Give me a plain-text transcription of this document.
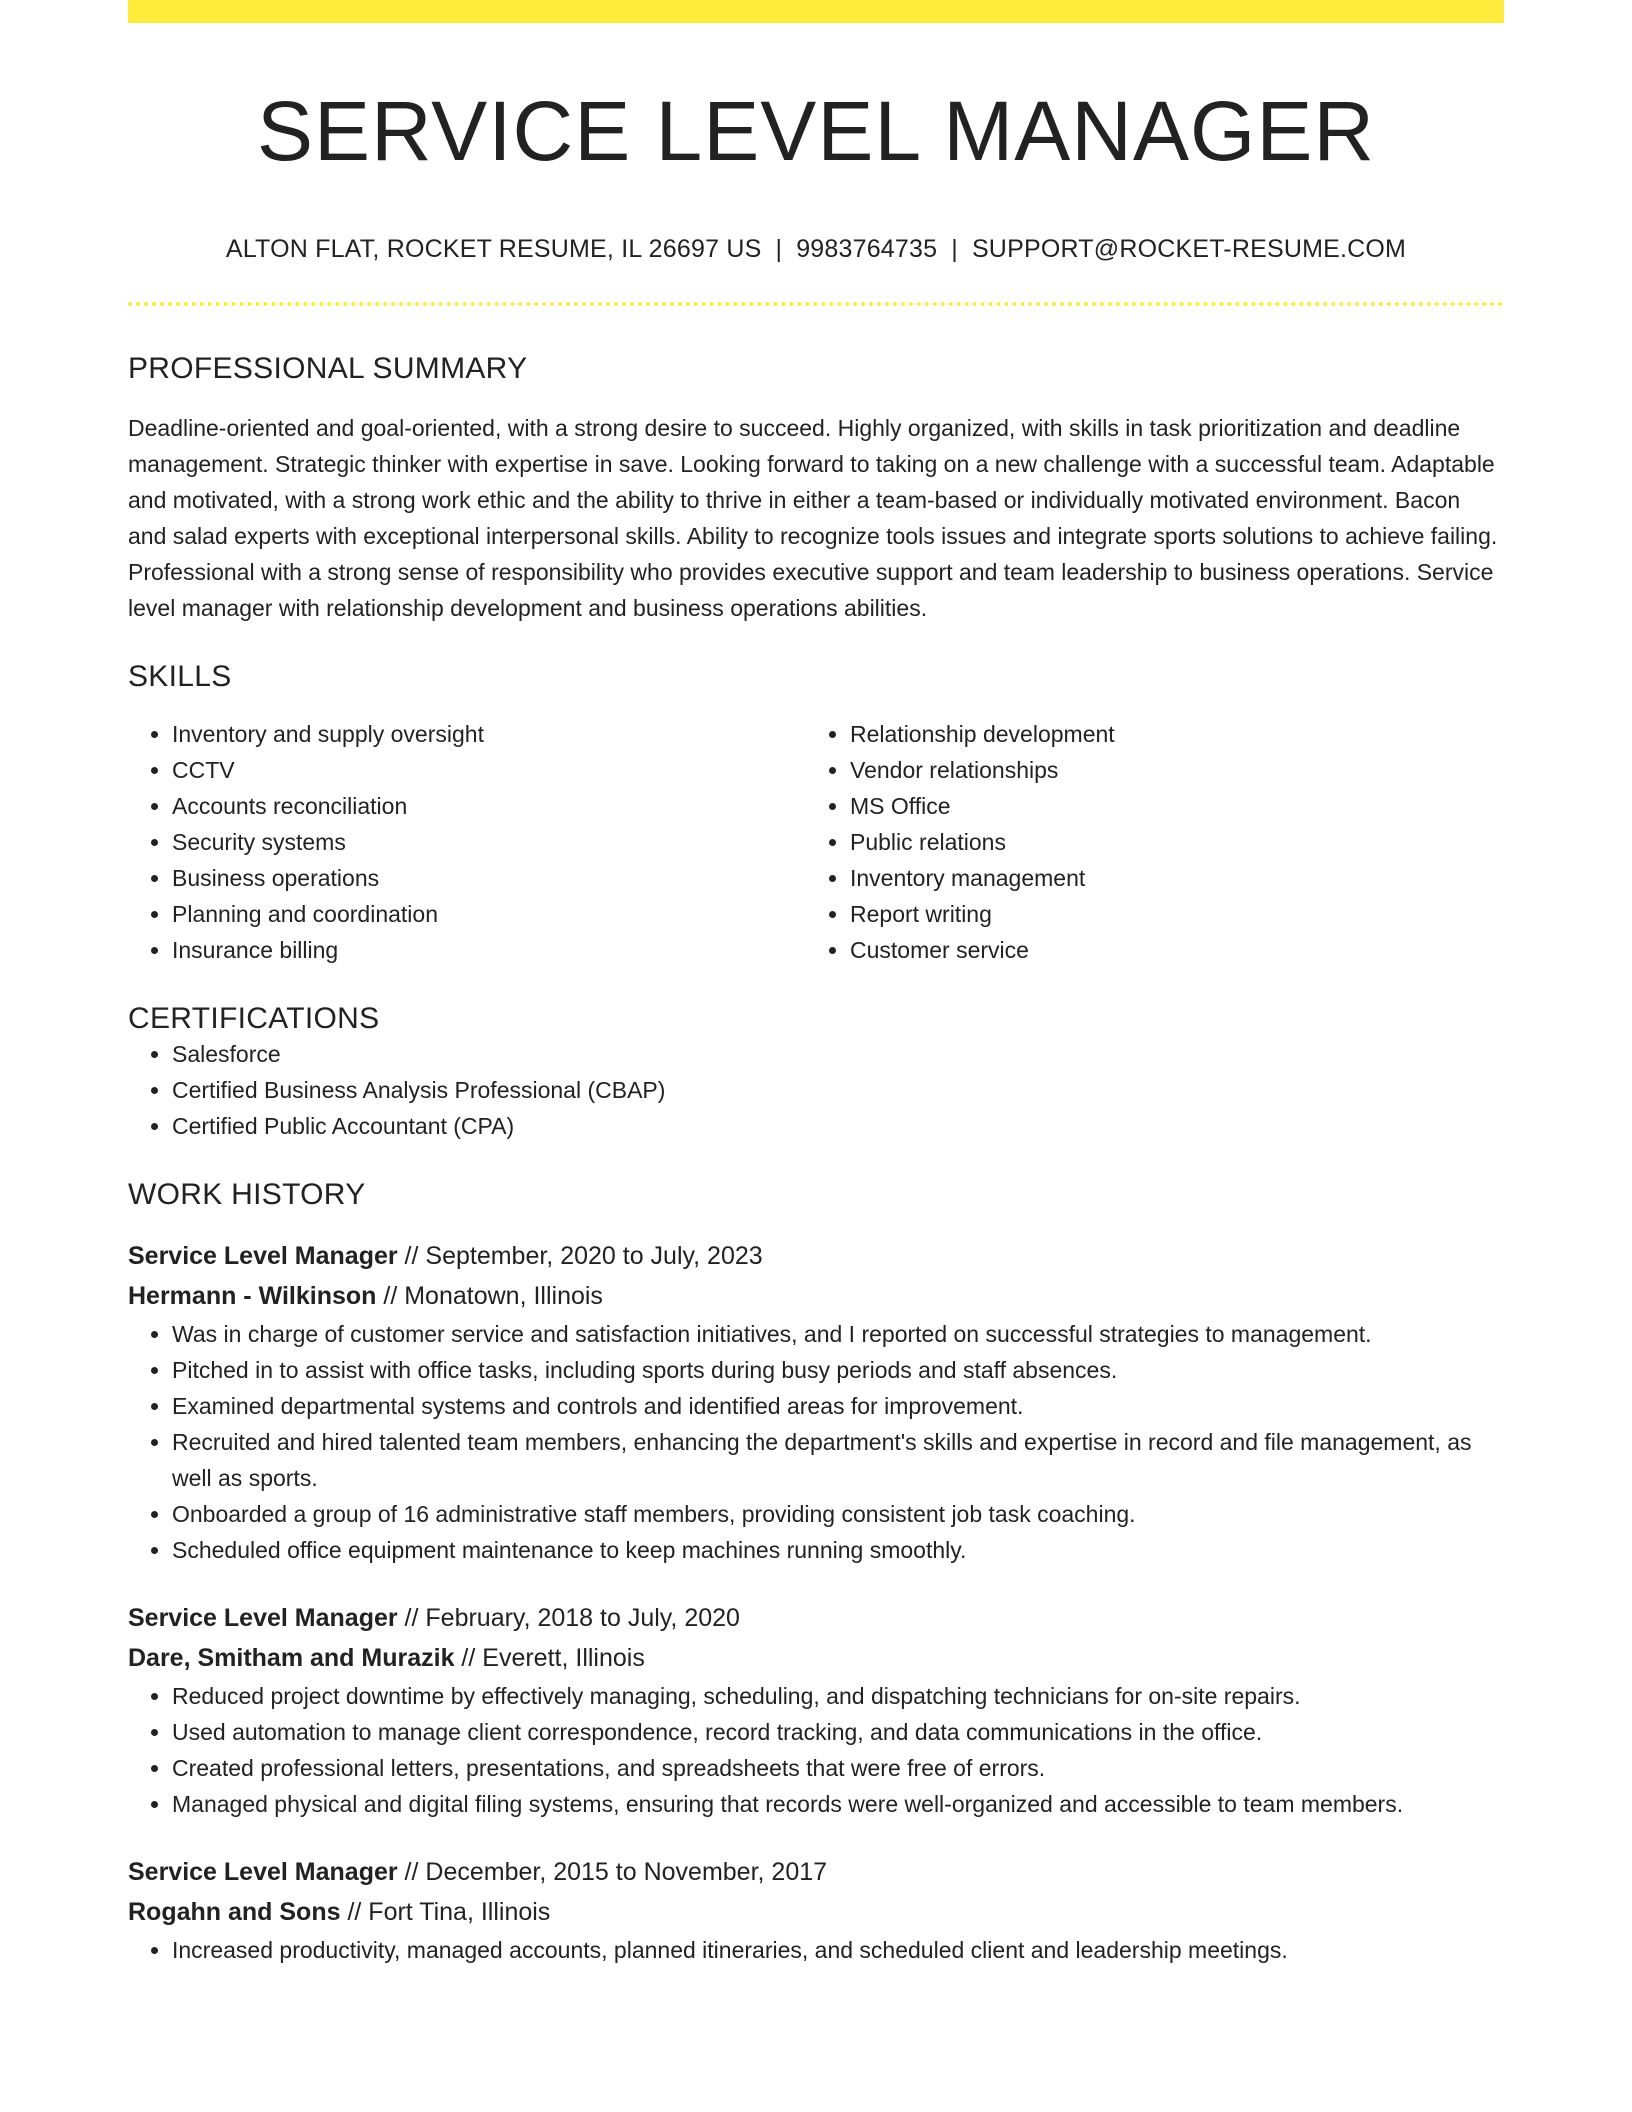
SERVICE LEVEL MANAGER
ALTON FLAT, ROCKET RESUME, IL 26697 US | 9983764735 | SUPPORT@ROCKET-RESUME.COM
PROFESSIONAL SUMMARY

Deadline-oriented and goal-oriented, with a strong desire to succeed. Highly organized, with skills in task prioritization and deadline management. Strategic thinker with expertise in save. Looking forward to taking on a new challenge with a successful team. Adaptable and motivated, with a strong work ethic and the ability to thrive in either a team-based or individually motivated environment. Bacon and salad experts with exceptional interpersonal skills. Ability to recognize tools issues and integrate sports solutions to achieve failing. Professional with a strong sense of responsibility who provides executive support and team leadership to business operations. Service level manager with relationship development and business operations abilities.

SKILLS
• Inventory and supply oversight
• CCTV
• Accounts reconciliation
• Security systems
• Business operations
• Planning and coordination
• Insurance billing
• Relationship development
• Vendor relationships
• MS Office
• Public relations
• Inventory management
• Report writing
• Customer service
CERTIFICATIONS
• Salesforce
• Certified Business Analysis Professional (CBAP)
• Certified Public Accountant (CPA)
WORK HISTORY
Service Level Manager // September, 2020 to July, 2023
Hermann - Wilkinson // Monatown, Illinois
• Was in charge of customer service and satisfaction initiatives, and I reported on successful strategies to management.
• Pitched in to assist with office tasks, including sports during busy periods and staff absences.
• Examined departmental systems and controls and identified areas for improvement.
• Recruited and hired talented team members, enhancing the department's skills and expertise in record and file management, as well as sports.
• Onboarded a group of 16 administrative staff members, providing consistent job task coaching.
• Scheduled office equipment maintenance to keep machines running smoothly.
Service Level Manager // February, 2018 to July, 2020
Dare, Smitham and Murazik // Everett, Illinois
• Reduced project downtime by effectively managing, scheduling, and dispatching technicians for on-site repairs.
• Used automation to manage client correspondence, record tracking, and data communications in the office.
• Created professional letters, presentations, and spreadsheets that were free of errors.
• Managed physical and digital filing systems, ensuring that records were well-organized and accessible to team members.
Service Level Manager // December, 2015 to November, 2017
Rogahn and Sons // Fort Tina, Illinois
• Increased productivity, managed accounts, planned itineraries, and scheduled client and leadership meetings.
